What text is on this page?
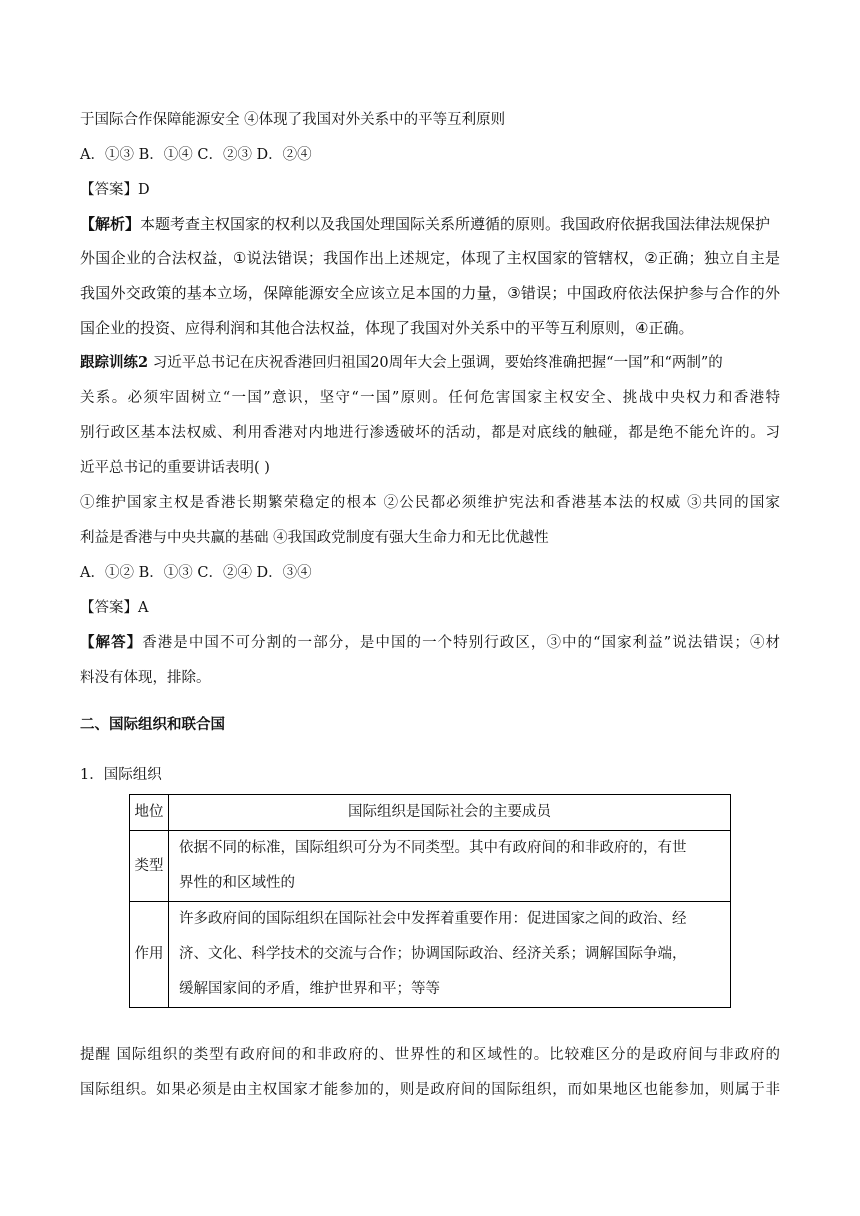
于国际合作保障能源安全 ④体现了我国对外关系中的平等互利原则
A．①③ B．①④ C．②③ D．②④
【答案】D
【解析】本题考查主权国家的权利以及我国处理国际关系所遵循的原则。我国政府依据我国法律法规保护
外国企业的合法权益，①说法错误；我国作出上述规定，体现了主权国家的管辖权，②正确；独立自主是
我国外交政策的基本立场，保障能源安全应该立足本国的力量，③错误；中国政府依法保护参与合作的外
国企业的投资、应得利润和其他合法权益，体现了我国对外关系中的平等互利原则，④正确。
跟踪训练2 习近平总书记在庆祝香港回归祖国20周年大会上强调，要始终准确把握“一国”和“两制”的
关系。必须牢固树立“一国”意识，坚守“一国”原则。任何危害国家主权安全、挑战中央权力和香港特
别行政区基本法权威、利用香港对内地进行渗透破坏的活动，都是对底线的触碰，都是绝不能允许的。习
近平总书记的重要讲话表明( )
①维护国家主权是香港长期繁荣稳定的根本 ②公民都必须维护宪法和香港基本法的权威 ③共同的国家
利益是香港与中央共赢的基础 ④我国政党制度有强大生命力和无比优越性
A．①② B．①③ C．②④ D．③④
【答案】A
【解答】香港是中国不可分割的一部分，是中国的一个特别行政区，③中的“国家利益”说法错误；④材
料没有体现，排除。
二、国际组织和联合国
1．国际组织
地位	国际组织是国际社会的主要成员
类型	依据不同的标准，国际组织可分为不同类型。其中有政府间的和非政府的，有世
界性的和区域性的

作用	许多政府间的国际组织在国际社会中发挥着重要作用：促进国家之间的政治、经
济、文化、科学技术的交流与合作；协调国际政治、经济关系；调解国际争端，
缓解国家间的矛盾，维护世界和平；等等
提醒 国际组织的类型有政府间的和非政府的、世界性的和区域性的。比较难区分的是政府间与非政府的
国际组织。如果必须是由主权国家才能参加的，则是政府间的国际组织，而如果地区也能参加，则属于非
